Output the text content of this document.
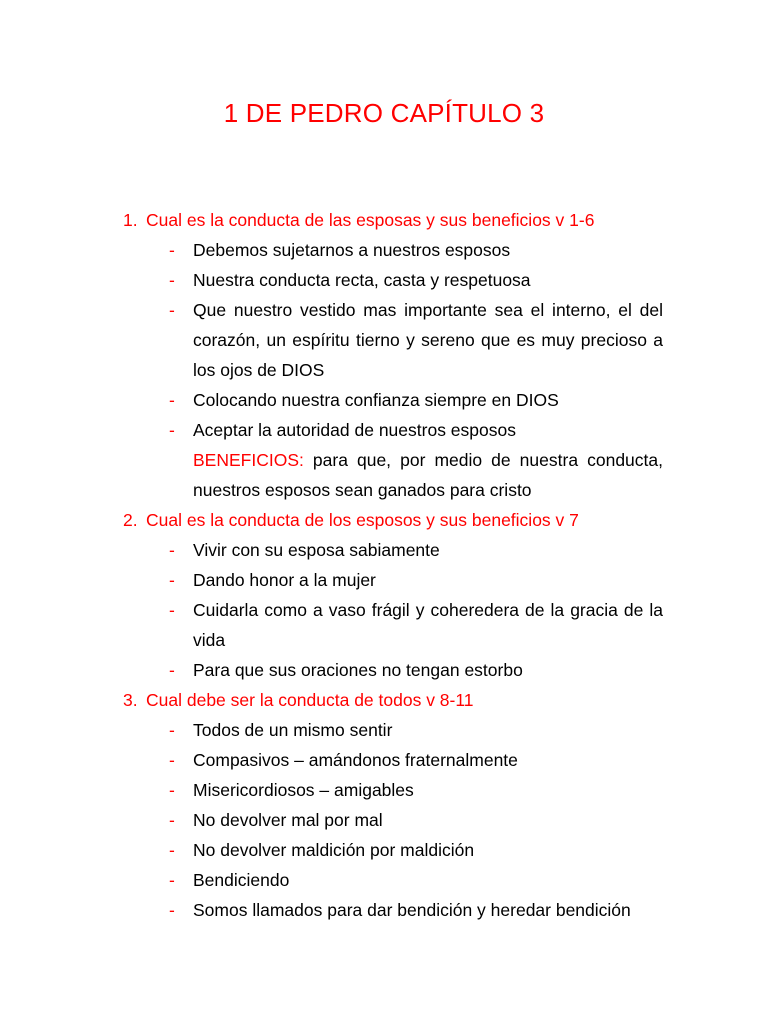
1 DE PEDRO CAPÍTULO 3
1. Cual es la conducta de las esposas y sus beneficios v 1-6
- Debemos sujetarnos a nuestros esposos
- Nuestra conducta recta, casta y respetuosa
- Que nuestro vestido mas importante sea el interno, el del corazón, un espíritu tierno y sereno que es muy precioso a los ojos de DIOS
- Colocando nuestra confianza siempre en DIOS
- Aceptar la autoridad de nuestros esposos
BENEFICIOS: para que, por medio de nuestra conducta, nuestros esposos sean ganados para cristo
2. Cual es la conducta de los esposos y sus beneficios v 7
- Vivir con su esposa sabiamente
- Dando honor a la mujer
- Cuidarla como a vaso frágil y coheredera de la gracia de la vida
- Para que sus oraciones no tengan estorbo
3. Cual debe ser la conducta de todos v 8-11
- Todos de un mismo sentir
- Compasivos – amándonos fraternalmente
- Misericordiosos – amigables
- No devolver mal por mal
- No devolver maldición por maldición
- Bendiciendo
- Somos llamados para dar bendición y heredar bendición
